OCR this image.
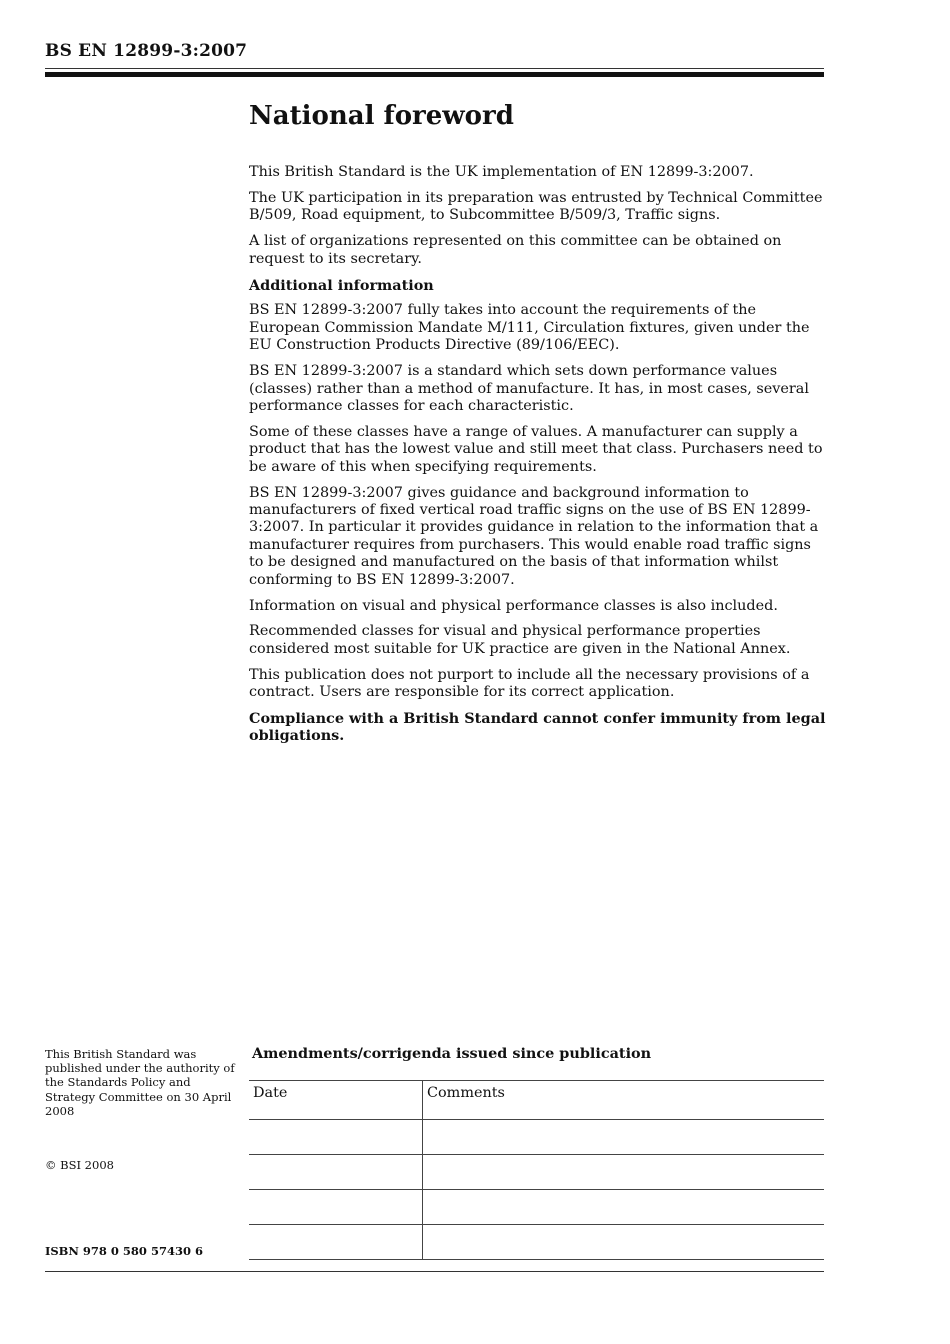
BS EN 12899-3:2007
National foreword

This British Standard is the UK implementation of EN 12899-3:2007.

The UK participation in its preparation was entrusted by Technical Committee B/509, Road equipment, to Subcommittee B/509/3, Traffic signs.

A list of organizations represented on this committee can be obtained on request to its secretary.

Additional information

BS EN 12899-3:2007 fully takes into account the requirements of the European Commission Mandate M/111, Circulation fixtures, given under the EU Construction Products Directive (89/106/EEC).

BS EN 12899-3:2007 is a standard which sets down performance values (classes) rather than a method of manufacture. It has, in most cases, several performance classes for each characteristic.

Some of these classes have a range of values. A manufacturer can supply a product that has the lowest value and still meet that class. Purchasers need to be aware of this when specifying requirements.

BS EN 12899-3:2007 gives guidance and background information to manufacturers of fixed vertical road traffic signs on the use of BS EN 12899-3:2007. In particular it provides guidance in relation to the information that a manufacturer requires from purchasers. This would enable road traffic signs to be designed and manufactured on the basis of that information whilst conforming to BS EN 12899-3:2007.

Information on visual and physical performance classes is also included.

Recommended classes for visual and physical performance properties considered most suitable for UK practice are given in the National Annex.

This publication does not purport to include all the necessary provisions of a contract. Users are responsible for its correct application.

Compliance with a British Standard cannot confer immunity from legal obligations.

This British Standard was published under the authority of the Standards Policy and Strategy Committee on 30 April 2008
© BSI 2008
ISBN 978 0 580 57430 6
Amendments/corrigenda issued since publication
Date	Comments
